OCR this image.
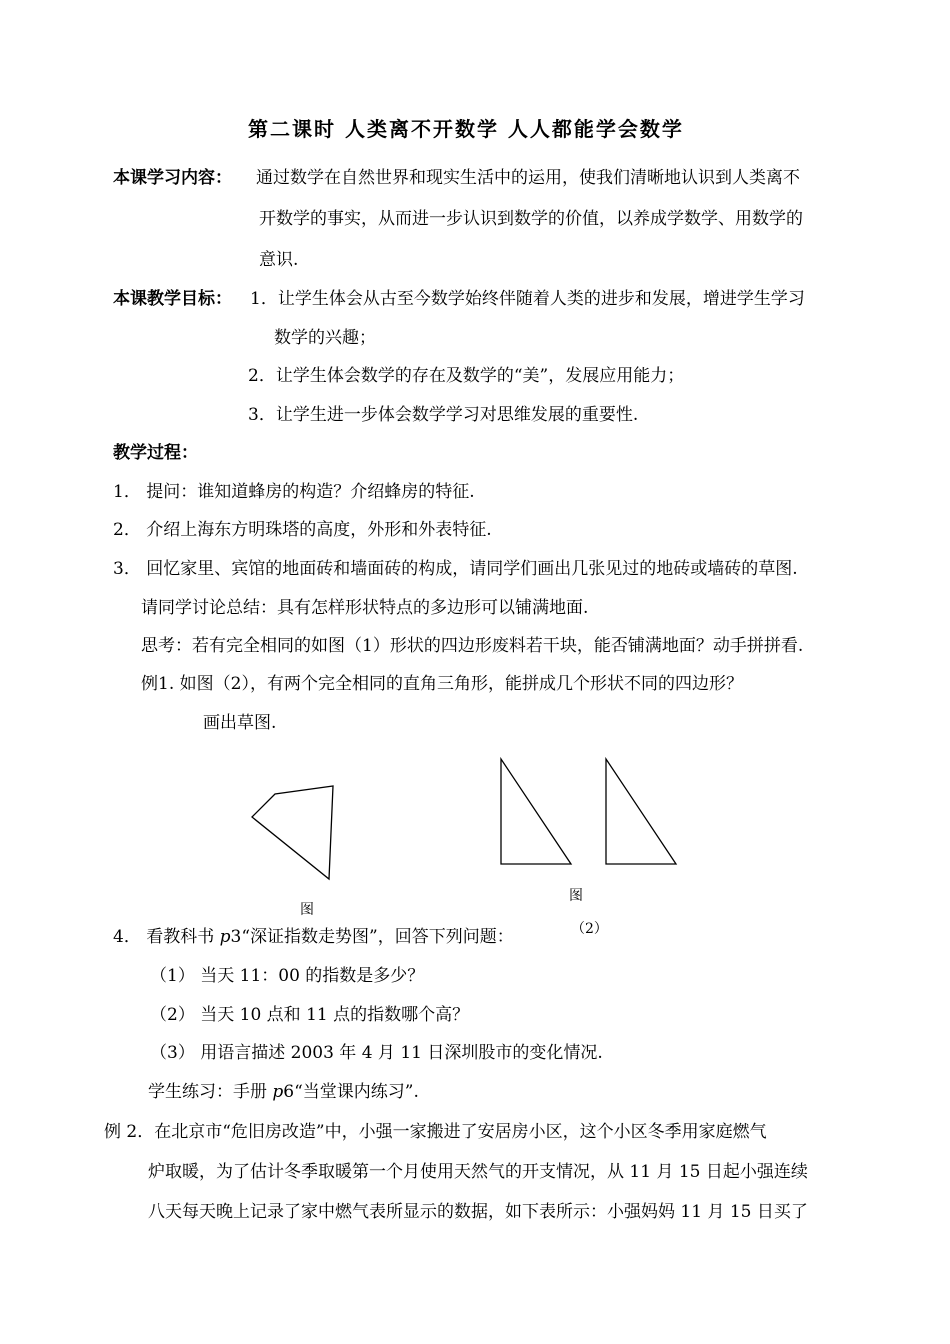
第二课时 人类离不开数学 人人都能学会数学
本课学习内容： 通过数学在自然世界和现实生活中的运用，使我们清晰地认识到人类离不
开数学的事实，从而进一步认识到数学的价值，以养成学数学、用数学的
意识.
本课教学目标： 1．让学生体会从古至今数学始终伴随着人类的进步和发展，增进学生学习
数学的兴趣；
2．让学生体会数学的存在及数学的“美”，发展应用能力；
3．让学生进一步体会数学学习对思维发展的重要性.
教学过程：
1． 提问：谁知道蜂房的构造？介绍蜂房的特征.
2． 介绍上海东方明珠塔的高度，外形和外表特征.
3． 回忆家里、宾馆的地面砖和墙面砖的构成，请同学们画出几张见过的地砖或墙砖的草图.
请同学讨论总结：具有怎样形状特点的多边形可以铺满地面.
思考：若有完全相同的如图（1）形状的四边形废料若干块，能否铺满地面？动手拼拼看.
例1. 如图（2），有两个完全相同的直角三角形，能拼成几个形状不同的四边形？
画出草图.
图
图
（2）
4． 看教科书 p3“深证指数走势图”，回答下列问题：
（1） 当天 11：00 的指数是多少？
（2） 当天 10 点和 11 点的指数哪个高？
（3） 用语言描述 2003 年 4 月 11 日深圳股市的变化情况.
学生练习：手册 p6“当堂课内练习”.
例 2．在北京市“危旧房改造”中，小强一家搬进了安居房小区，这个小区冬季用家庭燃气
炉取暖，为了估计冬季取暖第一个月使用天然气的开支情况，从 11 月 15 日起小强连续
八天每天晚上记录了家中燃气表所显示的数据，如下表所示：小强妈妈 11 月 15 日买了
